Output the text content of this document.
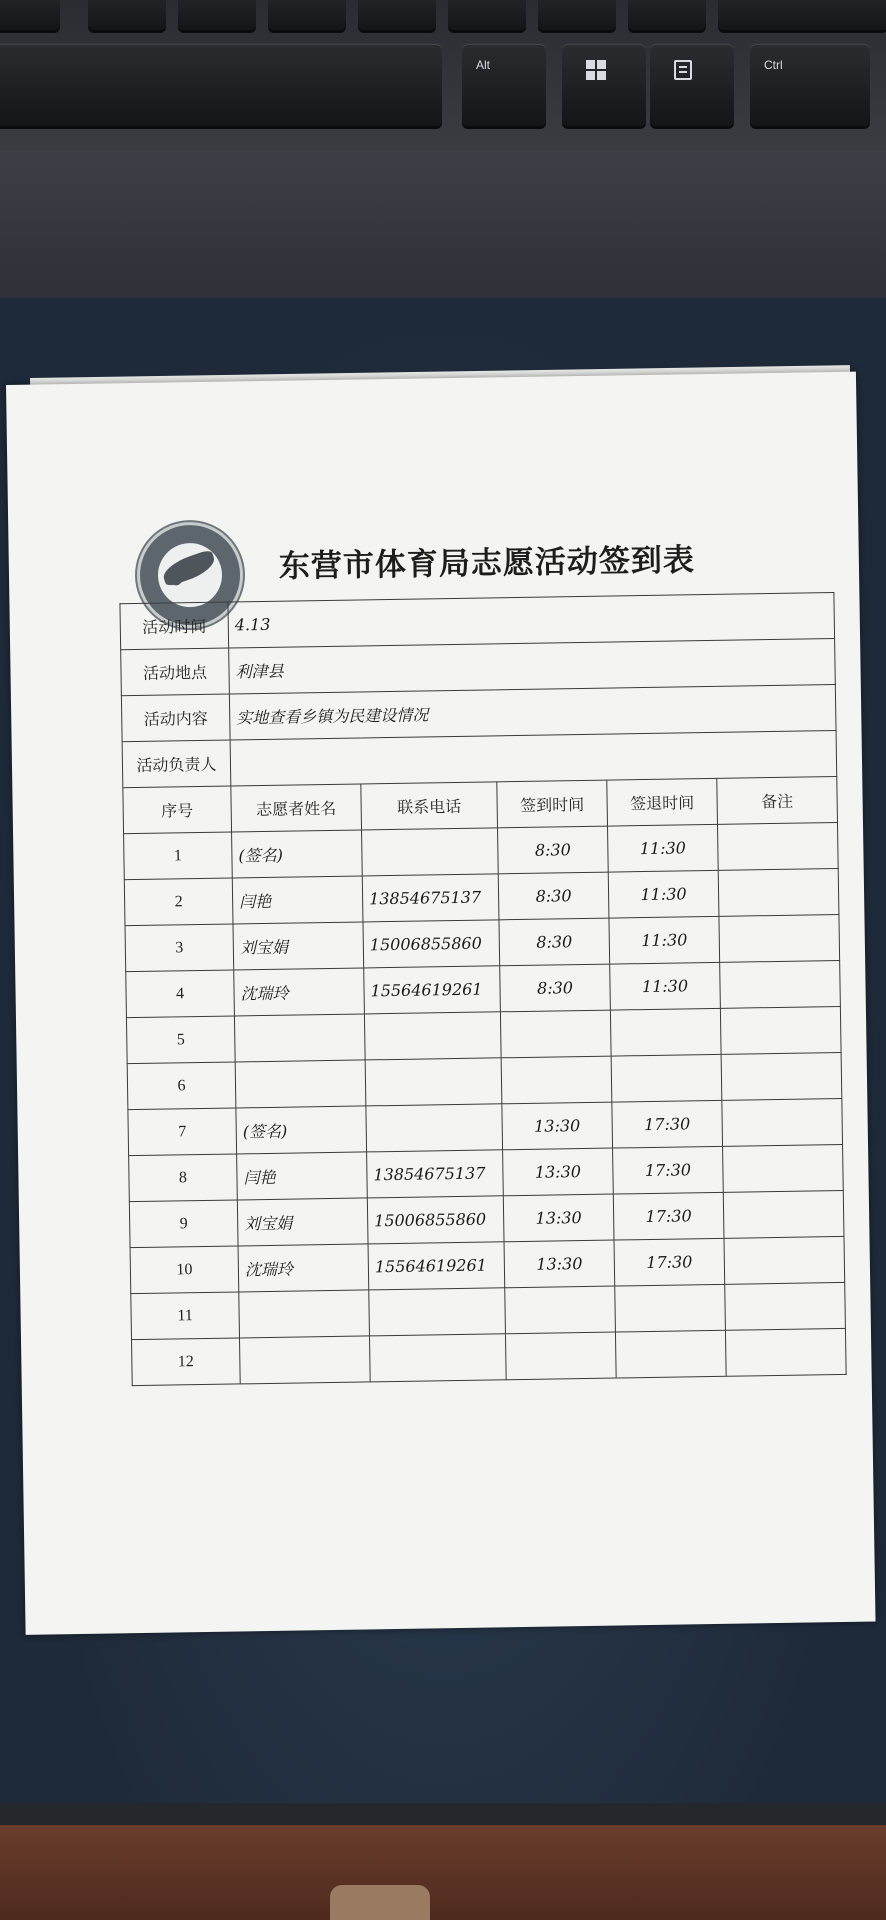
Alt	Ctrl
东营市体育局志愿活动签到表
活动时间	4.13				
活动地点	利津县				
活动内容	实地查看乡镇为民建设情况				
活动负责人					
序号	志愿者姓名	联系电话	签到时间	签退时间	备注
1	(签名)		8:30	11:30	
2	闫艳	13854675137	8:30	11:30	
3	刘宝娟	15006855860	8:30	11:30	
4	沈瑞玲	15564619261	8:30	11:30	
5					
6					
7	(签名)		13:30	17:30	
8	闫艳	13854675137	13:30	17:30	
9	刘宝娟	15006855860	13:30	17:30	
10	沈瑞玲	15564619261	13:30	17:30	
11					
12					
